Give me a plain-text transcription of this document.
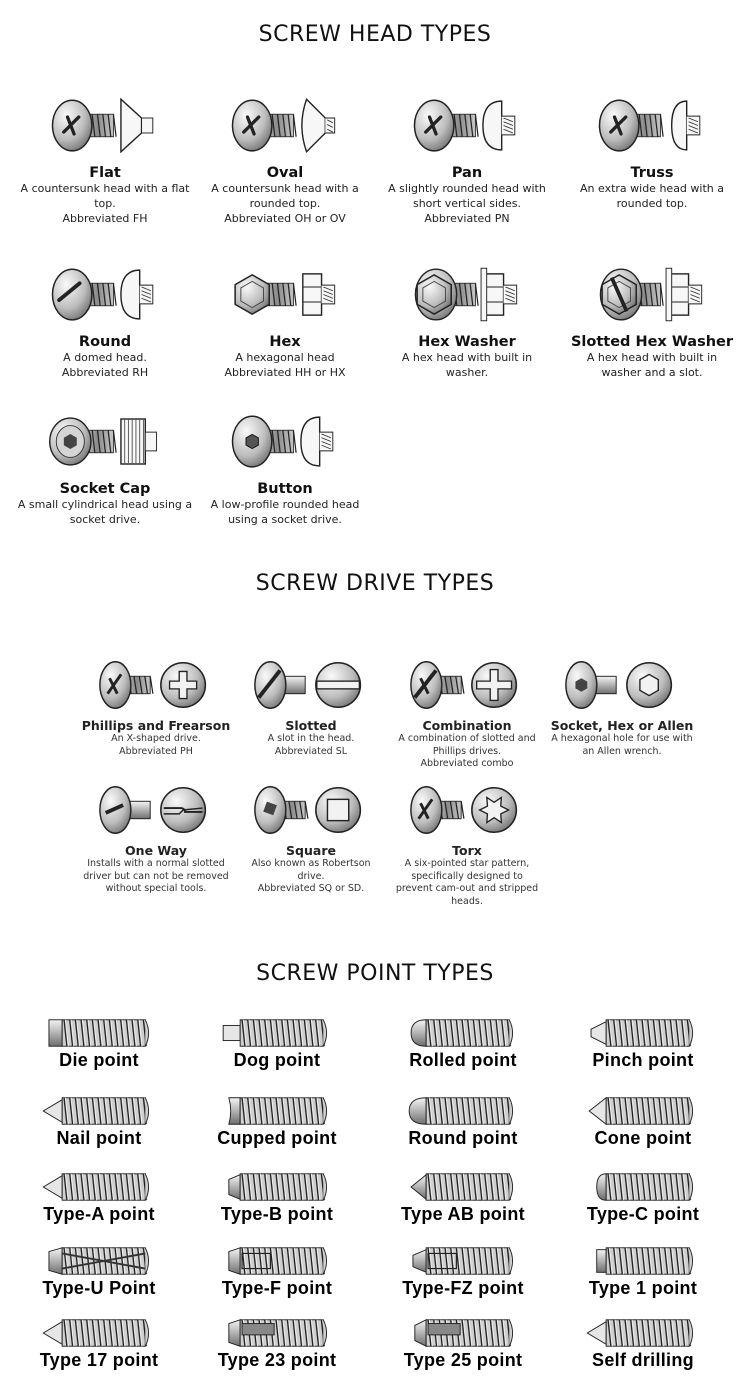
SCREW HEAD TYPES
Flat
A countersunk head with a flat
top.
Abbreviated FH
Oval
A countersunk head with a
rounded top.
Abbreviated OH or OV
Pan
A slightly rounded head with
short vertical sides.
Abbreviated PN
Truss
An extra wide head with a
rounded top.
Round
A domed head.
Abbreviated RH
Hex
A hexagonal head
Abbreviated HH or HX
Hex Washer
A hex head with built in
washer.
Slotted Hex Washer
A hex head with built in
washer and a slot.
Socket Cap
A small cylindrical head using a
socket drive.
Button
A low-profile rounded head
using a socket drive.
SCREW DRIVE TYPES
Phillips and Frearson
An X-shaped drive.
Abbreviated PH
Slotted
A slot in the head.
Abbreviated SL
Combination
A combination of slotted and
Phillips drives.
Abbreviated combo
Socket, Hex or Allen
A hexagonal hole for use with
an Allen wrench.
One Way
Installs with a normal slotted
driver but can not be removed
without special tools.
Square
Also known as Robertson
drive.
Abbreviated SQ or SD.
Torx
A six-pointed star pattern,
specifically designed to
prevent cam-out and stripped
heads.
SCREW POINT TYPES
Die point	Dog point	Rolled point	Pinch point
Nail point	Cupped point	Round point	Cone point
Type-A point	Type-B point	Type AB point	Type-C point
Type-U Point	Type-F point	Type-FZ point	Type 1 point
Type 17 point	Type 23 point	Type 25 point	Self drilling
